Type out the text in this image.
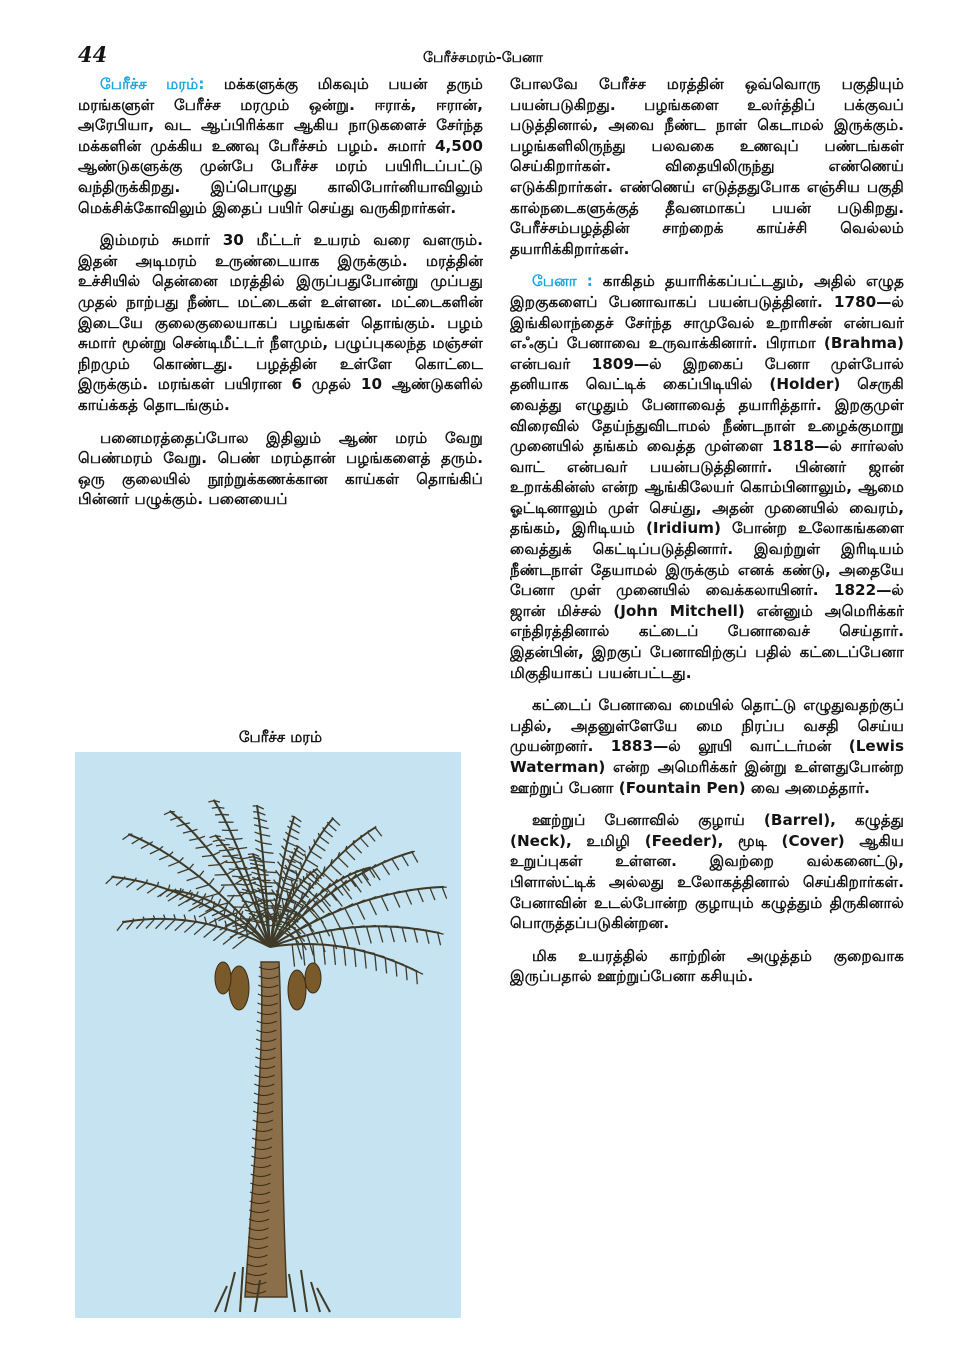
44	பேரீச்சமரம்-பேனா

பேரீச்ச மரம்: மக்களுக்கு மிகவும் பயன் தரும் மரங்களுள் பேரீச்ச மரமும் ஒன்று. ஈராக், ஈரான், அரேபியா, வட ஆப்பிரிக்கா ஆகிய நாடுகளைச் சேர்ந்த மக்களின் முக்கிய உணவு பேரீச்சம் பழம். சுமார் 4,500 ஆண்டுகளுக்கு முன்பே பேரீச்ச மரம் பயிரிடப்பட்டு வந்திருக்கிறது. இப்பொழுது காலிபோர்னியாவிலும் மெக்சிக்கோவிலும் இதைப் பயிர் செய்து வருகிறார்கள்.

இம்மரம் சுமார் 30 மீட்டர் உயரம் வரை வளரும். இதன் அடிமரம் உருண்டையாக இருக்கும். மரத்தின் உச்சியில் தென்னை மரத்தில் இருப்பதுபோன்று முப்பது முதல் நாற்பது நீண்ட மட்டைகள் உள்ளன. மட்டைகளின் இடையே குலைகுலையாகப் பழங்கள் தொங்கும். பழம் சுமார் மூன்று சென்டிமீட்டர் நீளமும், பழுப்புகலந்த மஞ்சள் நிறமும் கொண்டது. பழத்தின் உள்ளே கொட்டை இருக்கும். மரங்கள் பயிரான 6 முதல் 10 ஆண்டுகளில் காய்க்கத் தொடங்கும்.

பனைமரத்தைப்போல இதிலும் ஆண் மரம் வேறு பெண்மரம் வேறு. பெண் மரம்தான் பழங்களைத் தரும். ஒரு குலையில் நூற்றுக்கணக்கான காய்கள் தொங்கிப் பின்னர் பழுக்கும். பனையைப்

பேரீச்ச மரம்

போலவே பேரீச்ச மரத்தின் ஒவ்வொரு பகுதியும் பயன்படுகிறது. பழங்களை உலர்த்திப் பக்குவப் படுத்தினால், அவை நீண்ட நாள் கெடாமல் இருக்கும். பழங்களிலிருந்து பலவகை உணவுப் பண்டங்கள் செய்கிறார்கள். விதையிலிருந்து எண்ணெய் எடுக்கிறார்கள். எண்ணெய் எடுத்ததுபோக எஞ்சிய பகுதி கால்நடைகளுக்குத் தீவனமாகப் பயன் படுகிறது. பேரீச்சம்பழத்தின் சாற்றைக் காய்ச்சி வெல்லம் தயாரிக்கிறார்கள்.

பேனா : காகிதம் தயாரிக்கப்பட்டதும், அதில் எழுத இறகுகளைப் பேனாவாகப் பயன்படுத்தினர். 1780—ல் இங்கிலாந்தைச் சேர்ந்த சாமுவேல் உறாரிசன் என்பவர் எஃகுப் பேனாவை உருவாக்கினார். பிராமா (Brahma) என்பவர் 1809—ல் இறகைப் பேனா முள்போல் தனியாக வெட்டிக் கைப்பிடியில் (Holder) செருகி வைத்து எழுதும் பேனாவைத் தயாரித்தார். இறகுமுள் விரைவில் தேய்ந்துவிடாமல் நீண்டநாள் உழைக்குமாறு முனையில் தங்கம் வைத்த முள்ளை 1818—ல் சார்லஸ் வாட் என்பவர் பயன்படுத்தினார். பின்னர் ஜான் உறாக்கின்ஸ் என்ற ஆங்கிலேயர் கொம்பினாலும், ஆமை ஓட்டினாலும் முள் செய்து, அதன் முனையில் வைரம், தங்கம், இரிடியம் (Iridium) போன்ற உலோகங்களை வைத்துக் கெட்டிப்படுத்தினார். இவற்றுள் இரிடியம் நீண்டநாள் தேயாமல் இருக்கும் எனக் கண்டு, அதையே பேனா முள் முனையில் வைக்கலாயினர். 1822—ல் ஜான் மிச்சல் (John Mitchell) என்னும் அமெரிக்கர் எந்திரத்தினால் கட்டைப் பேனாவைச் செய்தார். இதன்பின், இறகுப் பேனாவிற்குப் பதில் கட்டைப்பேனா மிகுதியாகப் பயன்பட்டது.

கட்டைப் பேனாவை மையில் தொட்டு எழுதுவதற்குப் பதில், அதனுள்ளேயே மை நிரப்ப வசதி செய்ய முயன்றனர். 1883—ல் லூயி வாட்டர்மன் (Lewis Waterman) என்ற அமெரிக்கர் இன்று உள்ளதுபோன்ற ஊற்றுப் பேனா (Fountain Pen) வை அமைத்தார்.

ஊற்றுப் பேனாவில் குழாய் (Barrel), கழுத்து (Neck), உமிழி (Feeder), மூடி (Cover) ஆகிய உறுப்புகள் உள்ளன. இவற்றை வல்கனைட்டு, பிளாஸ்ட்டிக் அல்லது உலோகத்தினால் செய்கிறார்கள். பேனாவின் உடல்போன்ற குழாயும் கழுத்தும் திருகினால் பொருத்தப்படுகின்றன.

மிக உயரத்தில் காற்றின் அழுத்தம் குறைவாக இருப்பதால் ஊற்றுப்பேனா கசியும்.
